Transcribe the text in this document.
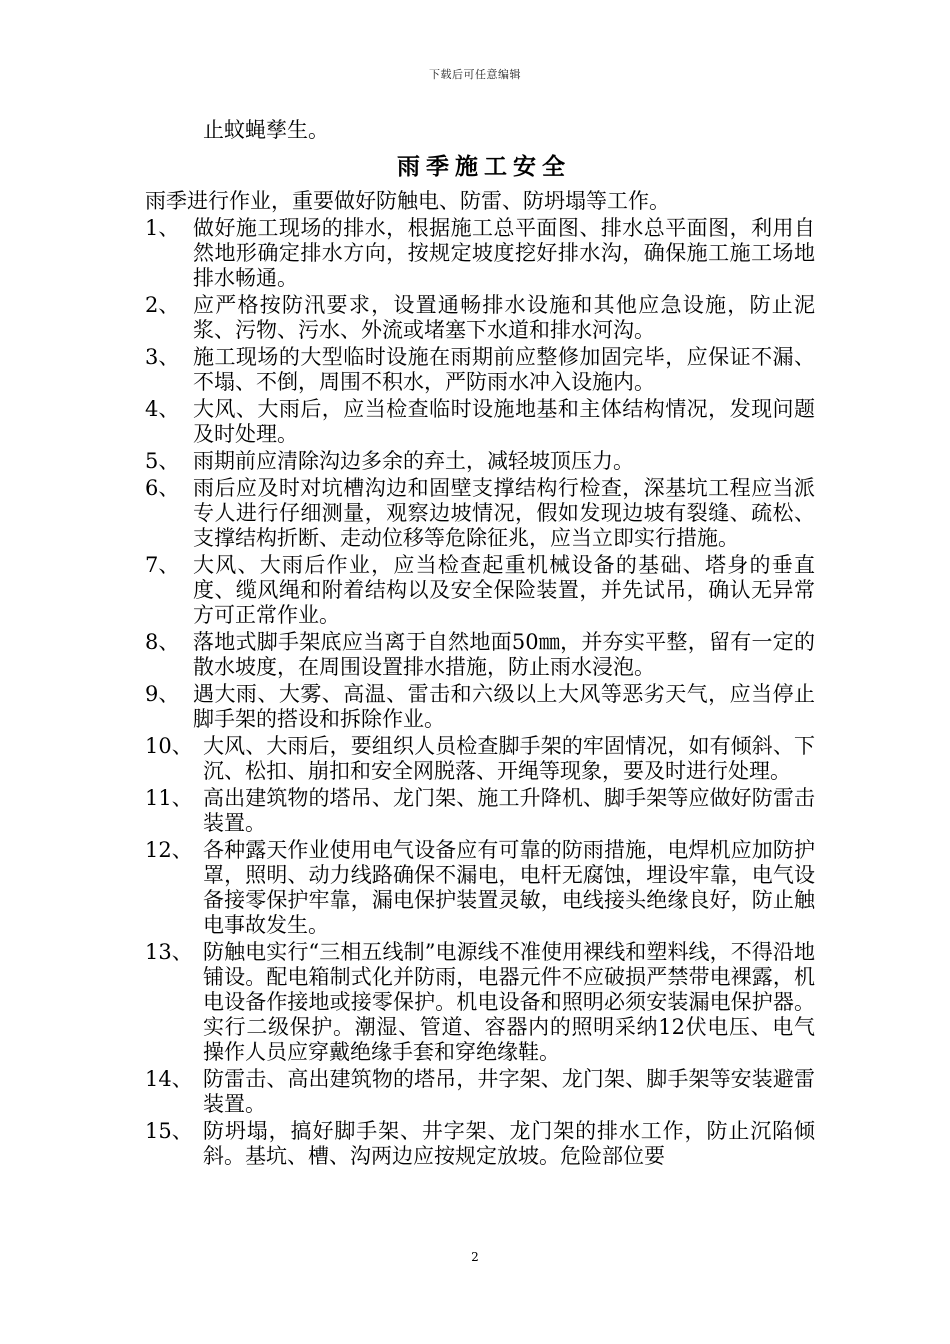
下载后可任意编辑
止蚊蝇孳生。
雨季施工安全
雨季进行作业，重要做好防触电、防雷、防坍塌等工作。
1、 做好施工现场的排水，根据施工总平面图、排水总平面图，利用自然地形确定排水方向，按规定坡度挖好排水沟，确保施工施工场地排水畅通。
2、 应严格按防汛要求，设置通畅排水设施和其他应急设施，防止泥浆、污物、污水、外流或堵塞下水道和排水河沟。
3、 施工现场的大型临时设施在雨期前应整修加固完毕，应保证不漏、不塌、不倒，周围不积水，严防雨水冲入设施内。
4、 大风、大雨后，应当检查临时设施地基和主体结构情况，发现问题及时处理。
5、 雨期前应清除沟边多余的弃土，减轻坡顶压力。
6、 雨后应及时对坑槽沟边和固壁支撑结构行检查，深基坑工程应当派专人进行仔细测量，观察边坡情况，假如发现边坡有裂缝、疏松、支撑结构折断、走动位移等危除征兆，应当立即实行措施。
7、 大风、大雨后作业，应当检查起重机械设备的基础、塔身的垂直度、缆风绳和附着结构以及安全保险装置，并先试吊，确认无异常方可正常作业。
8、 落地式脚手架底应当离于自然地面50㎜，并夯实平整，留有一定的散水坡度，在周围设置排水措施，防止雨水浸泡。
9、 遇大雨、大雾、高温、雷击和六级以上大风等恶劣天气，应当停止脚手架的搭设和拆除作业。
10、 大风、大雨后，要组织人员检查脚手架的牢固情况，如有倾斜、下沉、松扣、崩扣和安全网脱落、开绳等现象，要及时进行处理。
11、 高出建筑物的塔吊、龙门架、施工升降机、脚手架等应做好防雷击装置。
12、 各种露天作业使用电气设备应有可靠的防雨措施，电焊机应加防护罩，照明、动力线路确保不漏电，电杆无腐蚀，埋设牢靠，电气设备接零保护牢靠，漏电保护装置灵敏，电线接头绝缘良好，防止触电事故发生。
13、 防触电实行“三相五线制”电源线不准使用裸线和塑料线，不得沿地铺设。配电箱制式化并防雨，电器元件不应破损严禁带电裸露，机电设备作接地或接零保护。机电设备和照明必须安装漏电保护器。实行二级保护。潮湿、管道、容器内的照明采纳12伏电压、电气操作人员应穿戴绝缘手套和穿绝缘鞋。
14、 防雷击、高出建筑物的塔吊，井字架、龙门架、脚手架等安装避雷装置。
15、 防坍塌，搞好脚手架、井字架、龙门架的排水工作，防止沉陷倾斜。基坑、槽、沟两边应按规定放坡。危险部位要
2
